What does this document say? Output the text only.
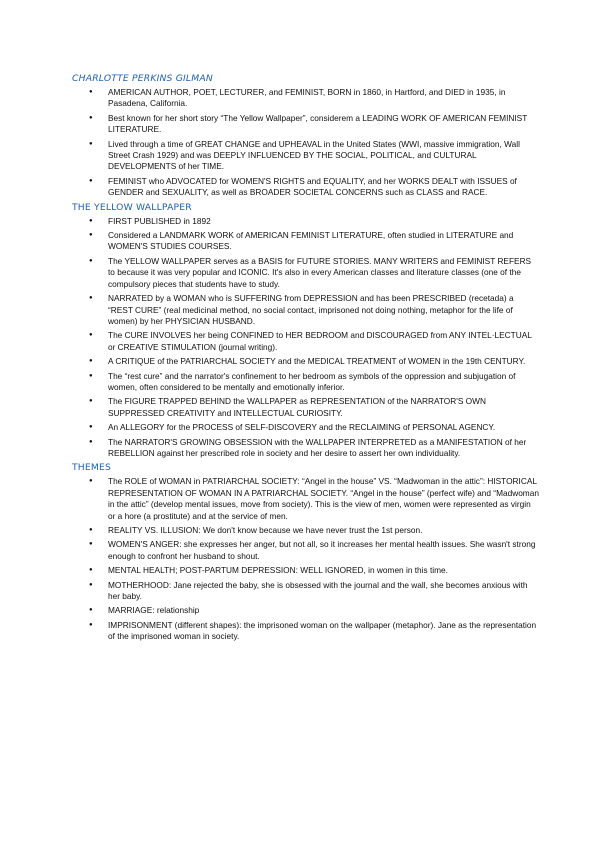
CHARLOTTE PERKINS GILMAN
● AMERICAN AUTHOR, POET, LECTURER, and FEMINIST, BORN in 1860, in Hartford, and DIED in 1935, in Pasadena, California.
● Best known for her short story “The Yellow Wallpaper”, considerem a LEADING WORK OF AMERICAN FEMINIST LITERATURE.
● Lived through a time of GREAT CHANGE and UPHEAVAL in the United States (WWI, massive immigration, Wall Street Crash 1929) and was DEEPLY INFLUENCED BY THE SOCIAL, POLITICAL, and CULTURAL DEVELOPMENTS of her TIME.
● FEMINIST who ADVOCATED for WOMEN'S RIGHTS and EQUALITY, and her WORKS DEALT with ISSUES of GENDER and SEXUALITY, as well as BROADER SOCIETAL CONCERNS such as CLASS and RACE.
THE YELLOW WALLPAPER
● FIRST PUBLISHED in 1892
● Considered a LANDMARK WORK of AMERICAN FEMINIST LITERATURE, often studied in LITERATURE and WOMEN'S STUDIES COURSES.
● The YELLOW WALLPAPER serves as a BASIS for FUTURE STORIES. MANY WRITERS and FEMINIST REFERS to because it was very popular and ICONIC. It's also in every American classes and literature classes (one of the compulsory pieces that students have to study.
● NARRATED by a WOMAN who is SUFFERING from DEPRESSION and has been PRESCRIBED (recetada) a “REST CURE” (real medicinal method, no social contact, imprisoned not doing nothing, metaphor for the life of women) by her PHYSICIAN HUSBAND.
● The CURE INVOLVES her being CONFINED to HER BEDROOM and DISCOURAGED from ANY INTEL·LECTUAL or CREATIVE STIMULATION (journal writing).
● A CRITIQUE of the PATRIARCHAL SOCIETY and the MEDICAL TREATMENT of WOMEN in the 19th CENTURY.
● The “rest cure” and the narrator's confinement to her bedroom as symbols of the oppression and subjugation of women, often considered to be mentally and emotionally inferior.
● The FIGURE TRAPPED BEHIND the WALLPAPER as REPRESENTATION of the NARRATOR'S OWN SUPPRESSED CREATIVITY and INTELLECTUAL CURIOSITY.
● An ALLEGORY for the PROCESS of SELF-DISCOVERY and the RECLAIMING of PERSONAL AGENCY.
● The NARRATOR'S GROWING OBSESSION with the WALLPAPER INTERPRETED as a MANIFESTATION of her REBELLION against her prescribed role in society and her desire to assert her own individuality.
THEMES
● The ROLE of WOMAN in PATRIARCHAL SOCIETY: “Angel in the house” VS. “Madwoman in the attic”: HISTORICAL REPRESENTATION OF WOMAN IN A PATRIARCHAL SOCIETY. “Angel in the house” (perfect wife) and “Madwoman in the attic” (develop mental issues, move from society). This is the view of men, women were represented as virgin or a hore (a prostitute) and at the service of men.
● REALITY VS. ILLUSION: We don't know because we have never trust the 1st person.
● WOMEN'S ANGER: she expresses her anger, but not all, so it increases her mental health issues. She wasn't strong enough to confront her husband to shout.
● MENTAL HEALTH; POST-PARTUM DEPRESSION: WELL IGNORED, in women in this time.
● MOTHERHOOD: Jane rejected the baby, she is obsessed with the journal and the wall, she becomes anxious with her baby.
● MARRIAGE: relationship
● IMPRISONMENT (different shapes): the imprisoned woman on the wallpaper (metaphor). Jane as the representation of the imprisoned woman in society.
